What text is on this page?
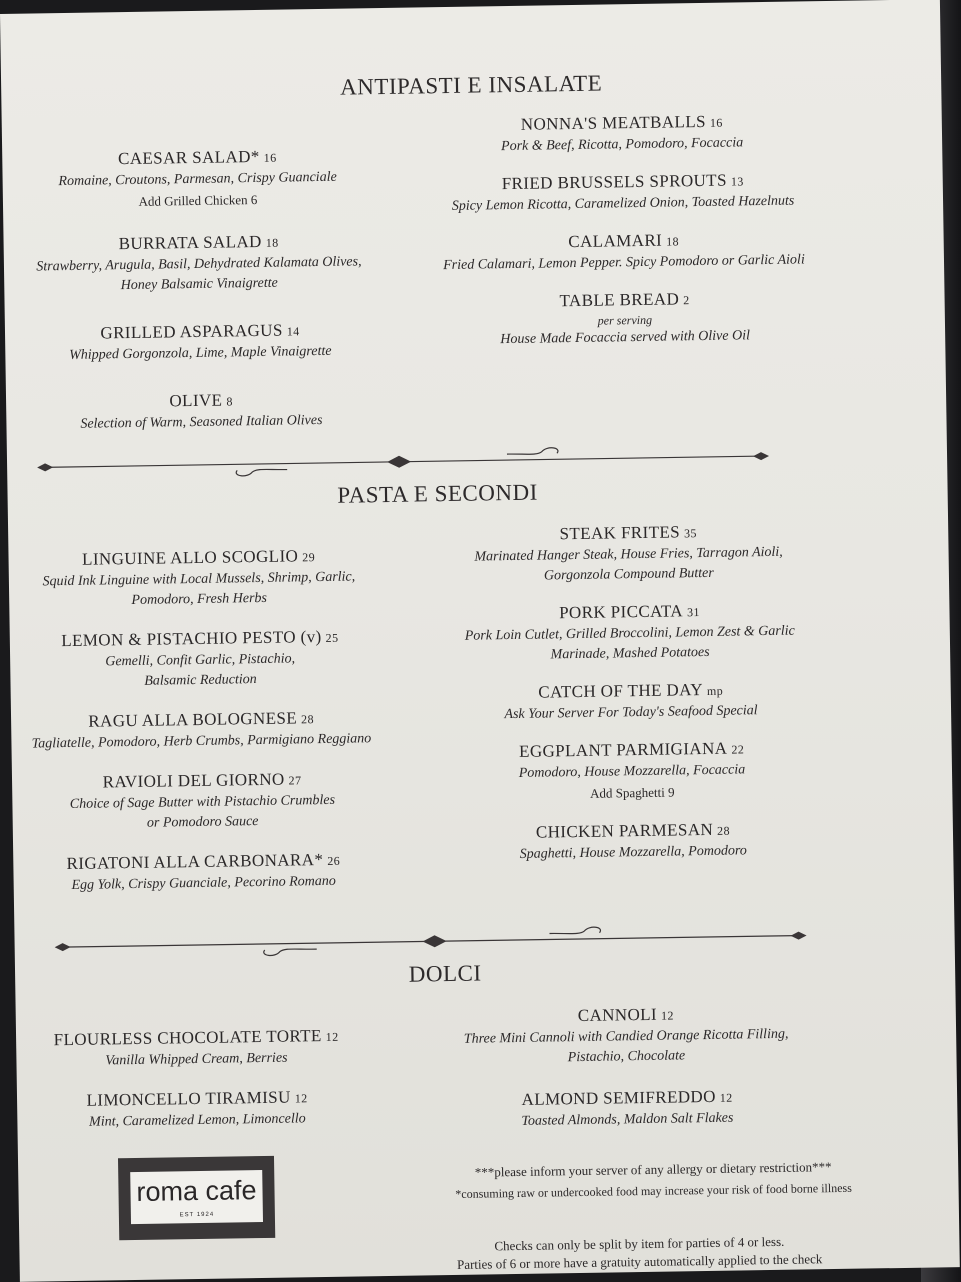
ANTIPASTI E INSALATE
CAESAR SALAD* 16
Romaine, Croutons, Parmesan, Crispy Guanciale
Add Grilled Chicken 6
BURRATA SALAD 18
Strawberry, Arugula, Basil, Dehydrated Kalamata Olives,
Honey Balsamic Vinaigrette
GRILLED ASPARAGUS 14
Whipped Gorgonzola, Lime, Maple Vinaigrette
OLIVE 8
Selection of Warm, Seasoned Italian Olives
NONNA'S MEATBALLS 16
Pork & Beef, Ricotta, Pomodoro, Focaccia
FRIED BRUSSELS SPROUTS 13
Spicy Lemon Ricotta, Caramelized Onion, Toasted Hazelnuts
CALAMARI 18
Fried Calamari, Lemon Pepper. Spicy Pomodoro or Garlic Aioli
TABLE BREAD 2
per serving
House Made Focaccia served with Olive Oil
PASTA E SECONDI
LINGUINE ALLO SCOGLIO 29
Squid Ink Linguine with Local Mussels, Shrimp, Garlic,
Pomodoro, Fresh Herbs
LEMON & PISTACHIO PESTO (v) 25
Gemelli, Confit Garlic, Pistachio,
Balsamic Reduction
RAGU ALLA BOLOGNESE 28
Tagliatelle, Pomodoro, Herb Crumbs, Parmigiano Reggiano
RAVIOLI DEL GIORNO 27
Choice of Sage Butter with Pistachio Crumbles
or Pomodoro Sauce
RIGATONI ALLA CARBONARA* 26
Egg Yolk, Crispy Guanciale, Pecorino Romano
STEAK FRITES 35
Marinated Hanger Steak, House Fries, Tarragon Aioli,
Gorgonzola Compound Butter
PORK PICCATA 31
Pork Loin Cutlet, Grilled Broccolini, Lemon Zest & Garlic
Marinade, Mashed Potatoes
CATCH OF THE DAY mp
Ask Your Server For Today's Seafood Special
EGGPLANT PARMIGIANA 22
Pomodoro, House Mozzarella, Focaccia
Add Spaghetti 9
CHICKEN PARMESAN 28
Spaghetti, House Mozzarella, Pomodoro
DOLCI
FLOURLESS CHOCOLATE TORTE 12
Vanilla Whipped Cream, Berries
LIMONCELLO TIRAMISU 12
Mint, Caramelized Lemon, Limoncello
CANNOLI 12
Three Mini Cannoli with Candied Orange Ricotta Filling,
Pistachio, Chocolate
ALMOND SEMIFREDDO 12
Toasted Almonds, Maldon Salt Flakes
roma cafe
EST 1924
***please inform your server of any allergy or dietary restriction***
*consuming raw or undercooked food may increase your risk of food borne illness
Checks can only be split by item for parties of 4 or less.
Parties of 6 or more have a gratuity automatically applied to the check
